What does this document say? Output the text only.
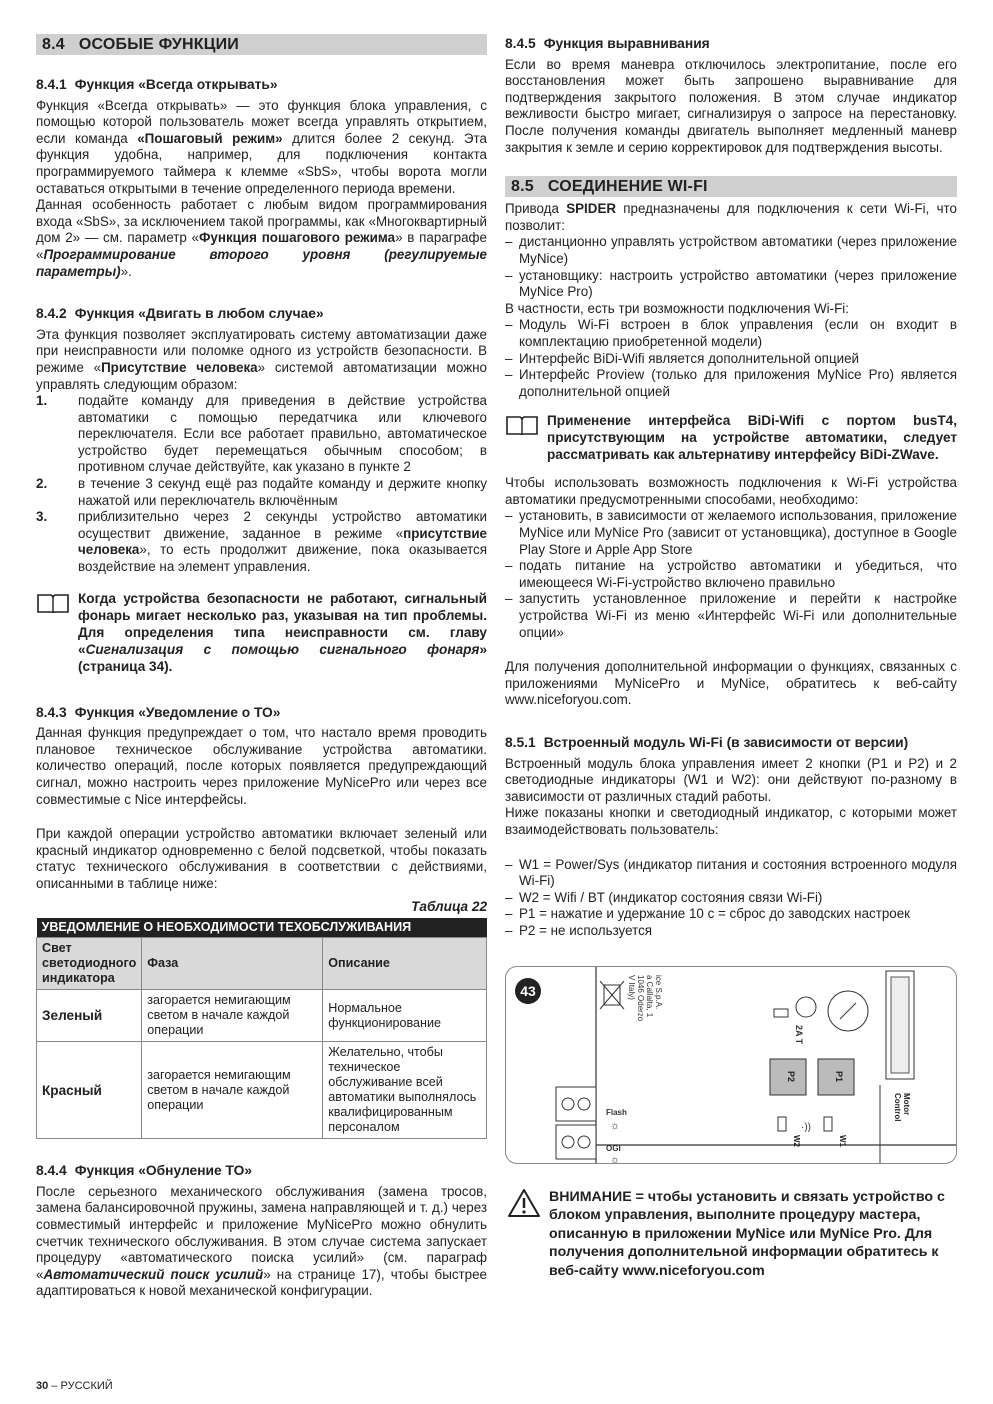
8.4 ОСОБЫЕ ФУНКЦИИ
8.4.1 Функция «Всегда открывать»

Функция «Всегда открывать» — это функция блока управления, с помощью которой пользователь может всегда управлять открытием, если команда «Пошаговый режим» длится более 2 секунд. Эта функция удобна, например, для подключения контакта программируемого таймера к клемме «SbS», чтобы ворота могли оставаться открытыми в течение определенного периода времени.

Данная особенность работает с любым видом программирования входа «SbS», за исключением такой программы, как «Многоквартирный дом 2» — см. параметр «Функция пошагового режима» в параграфе «Программирование второго уровня (регулируемые параметры)».

8.4.2 Функция «Двигать в любом случае»

Эта функция позволяет эксплуатировать систему автоматизации даже при неисправности или поломке одного из устройств безопасности. В режиме «Присутствие человека» системой автоматизации можно управлять следующим образом:

1. подайте команду для приведения в действие устройства автоматики с помощью передатчика или ключевого переключателя. Если все работает правильно, автоматическое устройство будет перемещаться обычным способом; в противном случае действуйте, как указано в пункте 2
2. в течение 3 секунд ещё раз подайте команду и держите кнопку нажатой или переключатель включённым
3. приблизительно через 2 секунды устройство автоматики осуществит движение, заданное в режиме «присутствие человека», то есть продолжит движение, пока оказывается воздействие на элемент управления.
Когда устройства безопасности не работают, сигнальный фонарь мигает несколько раз, указывая на тип проблемы. Для определения типа неисправности см. главу «Сигнализация с помощью сигнального фонаря» (страница 34).
8.4.3 Функция «Уведомление о ТО»

Данная функция предупреждает о том, что настало время проводить плановое техническое обслуживание устройства автоматики. количество операций, после которых появляется предупреждающий сигнал, можно настроить через приложение MyNicePro или через все совместимые с Nice интерфейсы.

При каждой операции устройство автоматики включает зеленый или красный индикатор одновременно с белой подсветкой, чтобы показать статус технического обслуживания в соответствии с действиями, описанными в таблице ниже:

Таблица 22
УВЕДОМЛЕНИЕ О НЕОБХОДИМОСТИ ТЕХОБСЛУЖИВАНИЯ		
Свет светодиодного индикатора	Фаза	Описание
Зеленый	загорается немигающим светом в начале каждой операции	Нормальное функционирование
Красный	загорается немигающим светом в начале каждой операции	Желательно, чтобы техническое обслуживание всей автоматики выполнялось квалифицированным персоналом
8.4.4 Функция «Обнуление ТО»

После серьезного механического обслуживания (замена тросов, замена балансировочной пружины, замена направляющей и т. д.) через совместимый интерфейс и приложение MyNicePro можно обнулить счетчик технического обслуживания. В этом случае система запускает процедуру «автоматического поиска усилий» (см. параграф «Автоматический поиск усилий» на странице 17), чтобы быстрее адаптироваться к новой механической конфигурации.

8.4.5 Функция выравнивания

Если во время маневра отключилось электропитание, после его восстановления может быть запрошено выравнивание для подтверждения закрытого положения. В этом случае индикатор вежливости быстро мигает, сигнализируя о запросе на перестановку. После получения команды двигатель выполняет медленный маневр закрытия к земле и серию корректировок для подтверждения высоты.

8.5 СОЕДИНЕНИЕ WI-FI

Привода SPIDER предназначены для подключения к сети Wi-Fi, что позволит:

– дистанционно управлять устройством автоматики (через приложение MyNice)
– установщику: настроить устройство автоматики (через приложение MyNice Pro)

В частности, есть три возможности подключения Wi-Fi:

– Модуль Wi-Fi встроен в блок управления (если он входит в комплектацию приобретенной модели)
– Интерфейс BiDi-Wifi является дополнительной опцией
– Интерфейс Proview (только для приложения MyNice Pro) является дополнительной опцией
Применение интерфейса BiDi-Wifi с портом busT4, присутствующим на устройстве автоматики, следует рассматривать как альтернативу интерфейсу BiDi-ZWave.

Чтобы использовать возможность подключения к Wi-Fi устройства автоматики предусмотренными способами, необходимо:

– установить, в зависимости от желаемого использования, приложение MyNice или MyNice Pro (зависит от установщика), доступное в Google Play Store и Apple App Store
– подать питание на устройство автоматики и убедиться, что имеющееся Wi-Fi-устройство включено правильно
– запустить установленное приложение и перейти к настройке устройства Wi-Fi из меню «Интерфейс Wi-Fi или дополнительные опции»

Для получения дополнительной информации о функциях, связанных с приложениями MyNicePro и MyNice, обратитесь к веб-сайту www.niceforyou.com.

8.5.1 Встроенный модуль Wi-Fi (в зависимости от версии)

Встроенный модуль блока управления имеет 2 кнопки (P1 и P2) и 2 светодиодные индикаторы (W1 и W2): они действуют по-разному в зависимости от различных стадий работы.

Ниже показаны кнопки и светодиодный индикатор, с которыми может взаимодействовать пользователь:

– W1 = Power/Sys (индикатор питания и состояния встроенного модуля Wi-Fi)
– W2 = Wifi / BT (индикатор состояния связи Wi-Fi)
– P1 = нажатие и удержание 10 с = сброс до заводских настроек
– P2 = не используется
43	ice S.p.A.
a Callalta, 1
1046 Oderzo
V Italy)
Flash
☼
OGI
☼
2A T
P2	P1
·))
W2	W1
Motor
Control
ВНИМАНИЕ = чтобы установить и связать устройство с блоком управления, выполните процедуру мастера, описанную в приложении MyNice или MyNice Pro. Для получения дополнительной информации обратитесь к веб-сайту www.niceforyou.com
30 – РУССКИЙ
